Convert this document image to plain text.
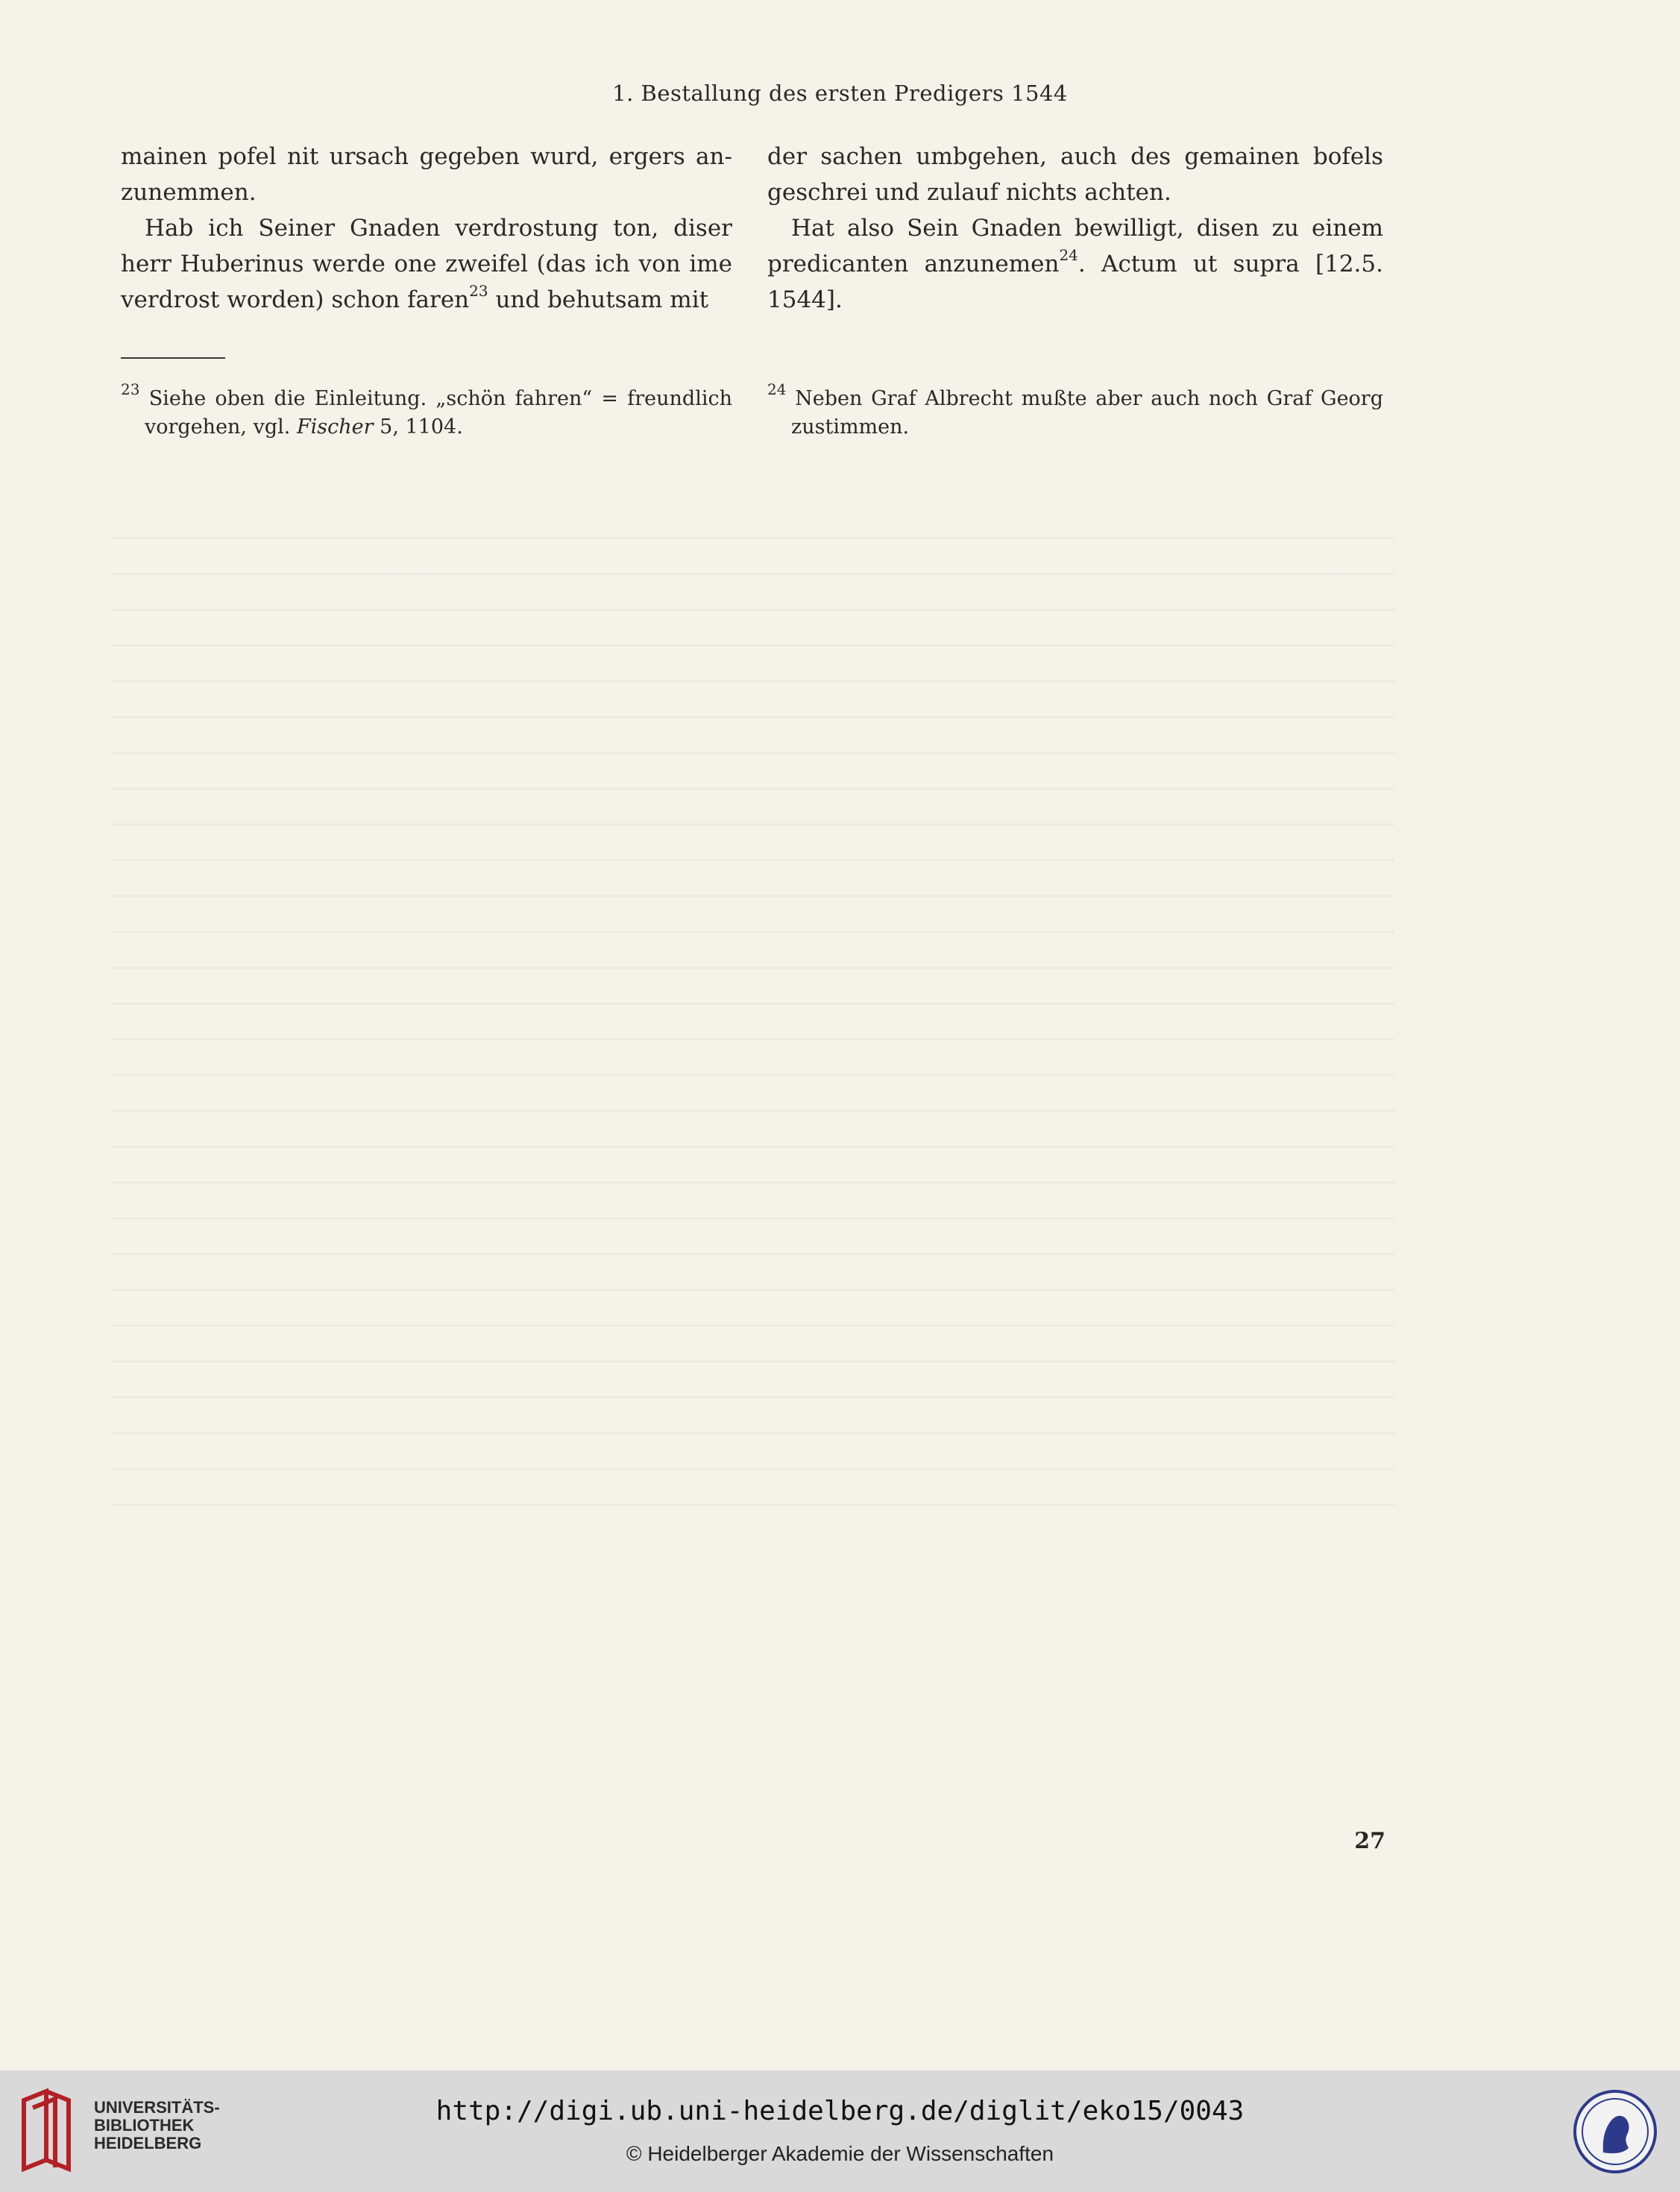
1. Bestallung des ersten Predigers 1544

mainen pofel nit ursach gegeben wurd, ergers anzunemmen.

Hab ich Seiner Gnaden verdrostung ton, diser herr Huberinus werde one zweifel (das ich von ime verdrost worden) schon faren$^{23}$ und behutsam mit

der sachen umbgehen, auch des gemainen bofels geschrei und zulauf nichts achten.

Hat also Sein Gnaden bewilligt, disen zu einem predicanten anzunemen$^{24}$. Actum ut supra [12.5. 1544].

$^{23}$ Siehe oben die Einleitung. „schön fahren“ = freundlich vorgehen, vgl. Fischer 5, 1104.
$^{24}$ Neben Graf Albrecht mußte aber auch noch Graf Georg zustimmen.
27
UNIVERSITÄTS-
BIBLIOTHEK
HEIDELBERG
http://digi.ub.uni-heidelberg.de/diglit/eko15/0043
© Heidelberger Akademie der Wissenschaften
